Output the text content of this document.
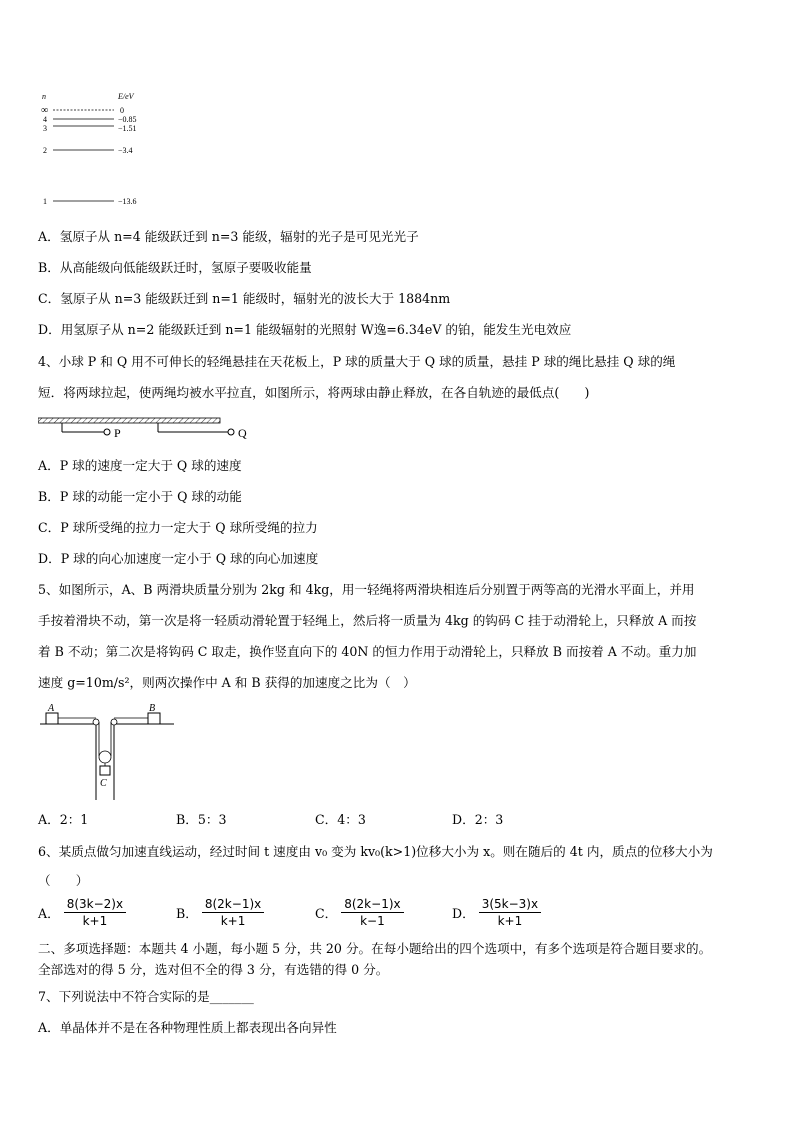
n	E/eV
∞	0
4	−0.85
3	−1.51
2	−3.4
1	−13.6
A．氢原子从 n=4 能级跃迁到 n=3 能级，辐射的光子是可见光光子
B．从高能级向低能级跃迁时，氢原子要吸收能量
C．氢原子从 n=3 能级跃迁到 n=1 能级时，辐射光的波长大于 1884nm
D．用氢原子从 n=2 能级跃迁到 n=1 能级辐射的光照射 W逸=6.34eV 的铂，能发生光电效应
4、小球 P 和 Q 用不可伸长的轻绳悬挂在天花板上，P 球的质量大于 Q 球的质量，悬挂 P 球的绳比悬挂 Q 球的绳
短．将两球拉起，使两绳均被水平拉直，如图所示，将两球由静止释放，在各自轨迹的最低点(　　)
P	Q
A．P 球的速度一定大于 Q 球的速度
B．P 球的动能一定小于 Q 球的动能
C．P 球所受绳的拉力一定大于 Q 球所受绳的拉力
D．P 球的向心加速度一定小于 Q 球的向心加速度
5、如图所示，A、B 两滑块质量分别为 2kg 和 4kg，用一轻绳将两滑块相连后分别置于两等高的光滑水平面上，并用
手按着滑块不动，第一次是将一轻质动滑轮置于轻绳上，然后将一质量为 4kg 的钩码 C 挂于动滑轮上，只释放 A 而按
着 B 不动；第二次是将钩码 C 取走，换作竖直向下的 40N 的恒力作用于动滑轮上，只释放 B 而按着 A 不动。重力加
速度 g=10m/s²，则两次操作中 A 和 B 获得的加速度之比为（　）
A	B
C
A．2：1	B．5：3	C．4：3	D．2：3
6、某质点做匀加速直线运动，经过时间 t 速度由 v₀ 变为 kv₀(k>1)位移大小为 x。则在随后的 4t 内，质点的位移大小为
（　　）
A． $\frac{8(3k-2)x}{k+1}$	B． $\frac{8(2k-1)x}{k+1}$	C． $\frac{8(2k-1)x}{k-1}$	D． $\frac{3(5k-3)x}{k+1}$
二、多项选择题：本题共 4 小题，每小题 5 分，共 20 分。在每小题给出的四个选项中，有多个选项是符合题目要求的。
全部选对的得 5 分，选对但不全的得 3 分，有选错的得 0 分。
7、下列说法中不符合实际的是_______
A．单晶体并不是在各种物理性质上都表现出各向异性
